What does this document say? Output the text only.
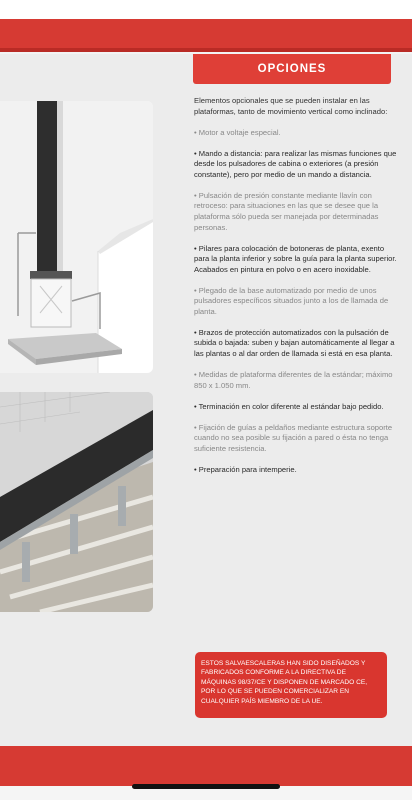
OPCIONES

Elementos opcionales que se pueden instalar en las plataformas, tanto de movimiento vertical como inclinado:

• Motor a voltaje especial.

• Mando a distancia: para realizar las mismas funciones que desde los pulsadores de cabina o exteriores (a presión constante), pero por medio de un mando a distancia.

• Pulsación de presión constante mediante llavín con retroceso: para situaciones en las que se desee que la plataforma sólo pueda ser manejada por determinadas personas.

• Pilares para colocación de botoneras de planta, exento para la planta inferior y sobre la guía para la planta superior. Acabados en pintura en polvo o en acero inoxidable.

• Plegado de la base automatizado por medio de unos pulsadores específicos situados junto a los de llamada de planta.

• Brazos de protección automatizados con la pulsación de subida o bajada: suben y bajan automáticamente al llegar a las plantas o al dar orden de llamada si está en esa planta.

• Medidas de plataforma diferentes de la estándar; máximo 850 x 1.050 mm.

• Terminación en color diferente al estándar bajo pedido.

• Fijación de guías a peldaños mediante estructura soporte cuando no sea posible su fijación a pared o ésta no tenga suficiente resistencia.

• Preparación para intemperie.

ESTOS SALVAESCALERAS HAN SIDO DISEÑADOS Y FABRICADOS CONFORME A LA DIRECTIVA DE MÁQUINAS 98/37/CE Y DISPONEN DE MARCADO CE, POR LO QUE SE PUEDEN COMERCIALIZAR EN CUALQUIER PAÍS MIEMBRO DE LA UE.
